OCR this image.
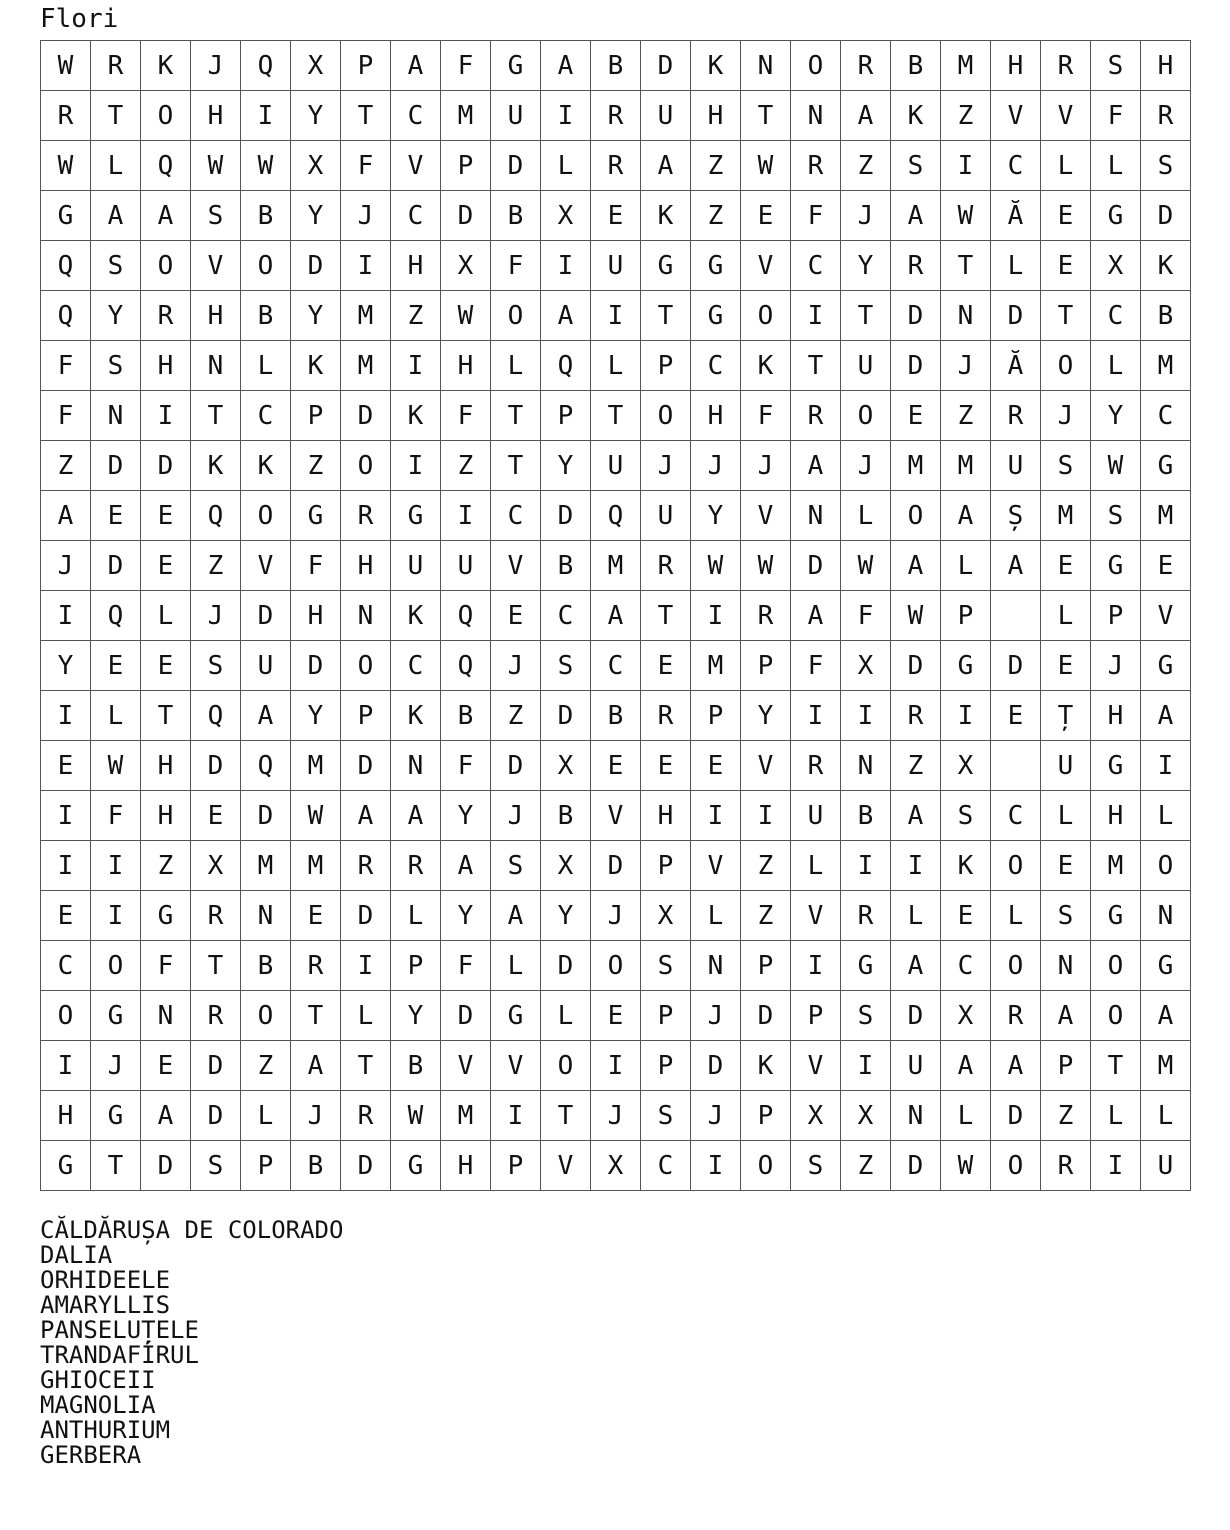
Flori
W	R	K	J	Q	X	P	A	F	G	A	B	D	K	N	O	R	B	M	H	R	S	H
R	T	O	H	I	Y	T	C	M	U	I	R	U	H	T	N	A	K	Z	V	V	F	R
W	L	Q	W	W	X	F	V	P	D	L	R	A	Z	W	R	Z	S	I	C	L	L	S
G	A	A	S	B	Y	J	C	D	B	X	E	K	Z	E	F	J	A	W	Ă	E	G	D
Q	S	O	V	O	D	I	H	X	F	I	U	G	G	V	C	Y	R	T	L	E	X	K
Q	Y	R	H	B	Y	M	Z	W	O	A	I	T	G	O	I	T	D	N	D	T	C	B
F	S	H	N	L	K	M	I	H	L	Q	L	P	C	K	T	U	D	J	Ă	O	L	M
F	N	I	T	C	P	D	K	F	T	P	T	O	H	F	R	O	E	Z	R	J	Y	C
Z	D	D	K	K	Z	O	I	Z	T	Y	U	J	J	J	A	J	M	M	U	S	W	G
A	E	E	Q	O	G	R	G	I	C	D	Q	U	Y	V	N	L	O	A	Ș	M	S	M
J	D	E	Z	V	F	H	U	U	V	B	M	R	W	W	D	W	A	L	A	E	G	E
I	Q	L	J	D	H	N	K	Q	E	C	A	T	I	R	A	F	W	P		L	P	V
Y	E	E	S	U	D	O	C	Q	J	S	C	E	M	P	F	X	D	G	D	E	J	G
I	L	T	Q	A	Y	P	K	B	Z	D	B	R	P	Y	I	I	R	I	E	Ț	H	A
E	W	H	D	Q	M	D	N	F	D	X	E	E	E	V	R	N	Z	X		U	G	I
I	F	H	E	D	W	A	A	Y	J	B	V	H	I	I	U	B	A	S	C	L	H	L
I	I	Z	X	M	M	R	R	A	S	X	D	P	V	Z	L	I	I	K	O	E	M	O
E	I	G	R	N	E	D	L	Y	A	Y	J	X	L	Z	V	R	L	E	L	S	G	N
C	O	F	T	B	R	I	P	F	L	D	O	S	N	P	I	G	A	C	O	N	O	G
O	G	N	R	O	T	L	Y	D	G	L	E	P	J	D	P	S	D	X	R	A	O	A
I	J	E	D	Z	A	T	B	V	V	O	I	P	D	K	V	I	U	A	A	P	T	M
H	G	A	D	L	J	R	W	M	I	T	J	S	J	P	X	X	N	L	D	Z	L	L
G	T	D	S	P	B	D	G	H	P	V	X	C	I	O	S	Z	D	W	O	R	I	U
CĂLDĂRUȘA DE COLORADO
DALIA
ORHIDEELE
AMARYLLIS
PANSELUȚELE
TRANDAFÍRUL
GHIOCEII
MAGNOLIA
ANTHURIUM
GERBERA
